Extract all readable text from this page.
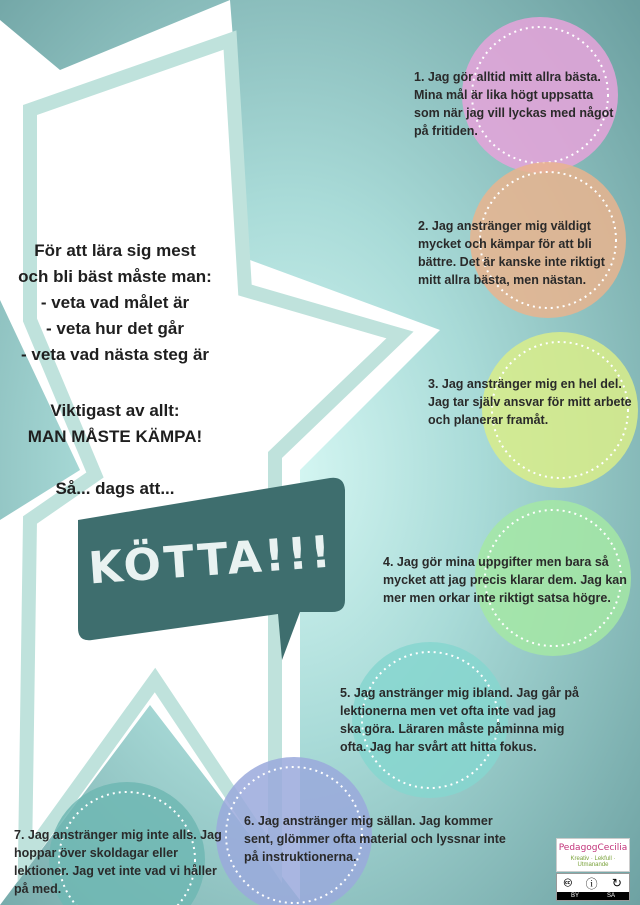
För att lära sig mest
och bli bäst måste man:
- veta vad målet är
- veta hur det går
- veta vad nästa steg är
Viktigast av allt:
MAN MÅSTE KÄMPA!
Så... dags att...
KÖTTA!!!
1. Jag gör alltid mitt allra bästa. Mina mål är lika högt uppsatta som när jag vill lyckas med något på fritiden.
2. Jag anstränger mig väldigt mycket och kämpar för att bli bättre. Det är kanske inte riktigt mitt allra bästa, men nästan.
3. Jag anstränger mig en hel del. Jag tar själv ansvar för mitt arbete och planerar framåt.
4. Jag gör mina uppgifter men bara så mycket att jag precis klarar dem. Jag kan mer men orkar inte riktigt satsa högre.
5. Jag anstränger mig ibland. Jag går på lektionerna men vet ofta inte vad jag ska göra. Läraren måste påminna mig ofta. Jag har svårt att hitta fokus.
6. Jag anstränger mig sällan. Jag kommer sent, glömmer ofta material och lyssnar inte på instruktionerna.
7. Jag anstränger mig inte alls. Jag hoppar över skoldagar eller lektioner. Jag vet inte vad vi håller på med.
PedagogCecilia
Kreativ · Lekfull · Utmanande
🅭 ⓘ ↻
BY	SA
